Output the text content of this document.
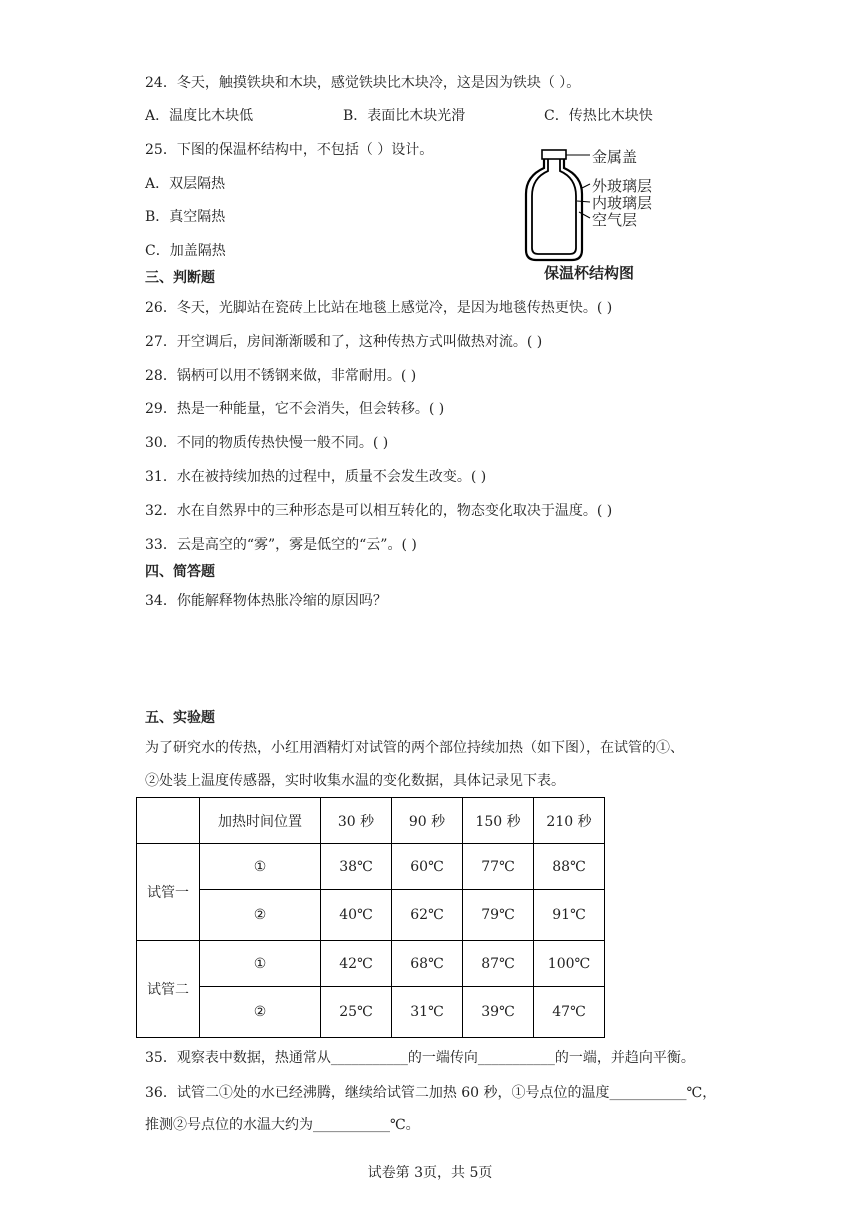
24．冬天，触摸铁块和木块，感觉铁块比木块冷，这是因为铁块（ ）。
A．温度比木块低	B．表面比木块光滑	C．传热比木块快
25．下图的保温杯结构中，不包括（ ）设计。
A．双层隔热
B．真空隔热
C．加盖隔热
金属盖
外玻璃层
内玻璃层
空气层
保温杯结构图
三、判断题
26．冬天，光脚站在瓷砖上比站在地毯上感觉冷，是因为地毯传热更快。( )
27．开空调后，房间渐渐暖和了，这种传热方式叫做热对流。( )
28．锅柄可以用不锈钢来做，非常耐用。( )
29．热是一种能量，它不会消失，但会转移。( )
30．不同的物质传热快慢一般不同。( )
31．水在被持续加热的过程中，质量不会发生改变。( )
32．水在自然界中的三种形态是可以相互转化的，物态变化取决于温度。( )
33．云是高空的“雾”，雾是低空的“云”。( )
四、简答题
34．你能解释物体热胀冷缩的原因吗？
五、实验题
为了研究水的传热，小红用酒精灯对试管的两个部位持续加热（如下图），在试管的①、
②处装上温度传感器，实时收集水温的变化数据，具体记录见下表。
	加热时间位置	30 秒	90 秒	150 秒	210 秒
试管一	①	38℃	60℃	77℃	88℃
	②	40℃	62℃	79℃	91℃
试管二	①	42℃	68℃	87℃	100℃
	②	25℃	31℃	39℃	47℃
35．观察表中数据，热通常从___________的一端传向___________的一端，并趋向平衡。
36．试管二①处的水已经沸腾，继续给试管二加热 60 秒，①号点位的温度___________℃，
推测②号点位的水温大约为___________℃。
试卷第 3页，共 5页
